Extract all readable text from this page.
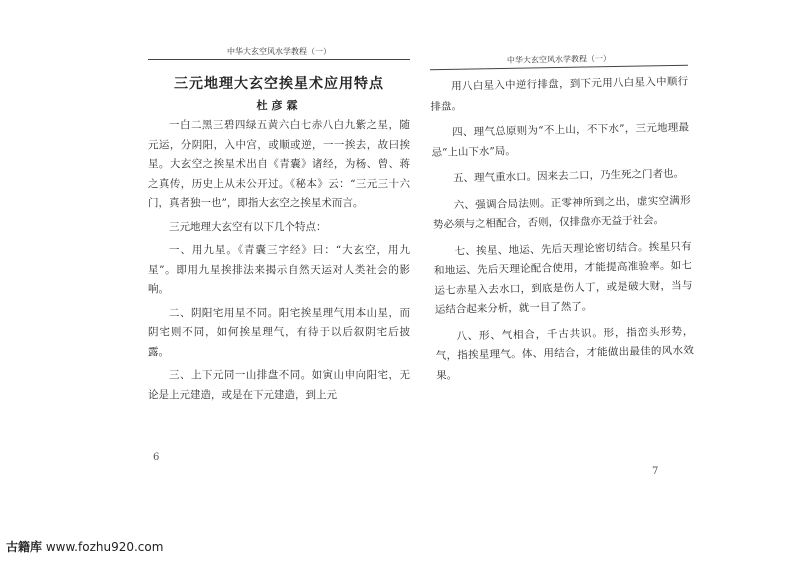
中华大玄空风水学教程（一）
三元地理大玄空挨星术应用特点
杜彦霖

一白二黑三碧四绿五黄六白七赤八白九紫之星，随元运，分阴阳，入中宫，或顺或逆，一一挨去，故曰挨星。大玄空之挨星术出自《青囊》诸经，为杨、曾、蒋之真传，历史上从未公开过。《秘本》云：“三元三十六门，真者独一也”，即指大玄空之挨星术而言。

三元地理大玄空有以下几个特点：

一、用九星。《青囊三字经》曰：“大玄空，用九星”。即用九星挨排法来揭示自然天运对人类社会的影响。

二、阴阳宅用星不同。阳宅挨星理气用本山星，而阴宅则不同，如何挨星理气，有待于以后叙阴宅后披露。

三、上下元同一山排盘不同。如寅山申向阳宅，无论是上元建造，或是在下元建造，到上元

6
中华大玄空风水学教程（一）

用八白星入中逆行排盘，到下元用八白星入中顺行排盘。

四、理气总原则为“不上山，不下水”，三元地理最忌“上山下水”局。

五、理气重水口。因来去二口，乃生死之门者也。

六、强调合局法则。正零神所到之出，虚实空满形势必须与之相配合，否则，仅排盘亦无益于社会。

七、挨星、地运、先后天理论密切结合。挨星只有和地运、先后天理论配合使用，才能提高准验率。如七运七赤星入去水口，到底是伤人丁，或是破大财，当与运结合起来分析，就一目了然了。

八、形、气相合，千古共识。形，指峦头形势，气，指挨星理气。体、用结合，才能做出最佳的风水效果。

7
古籍库 www.fozhu920.com
